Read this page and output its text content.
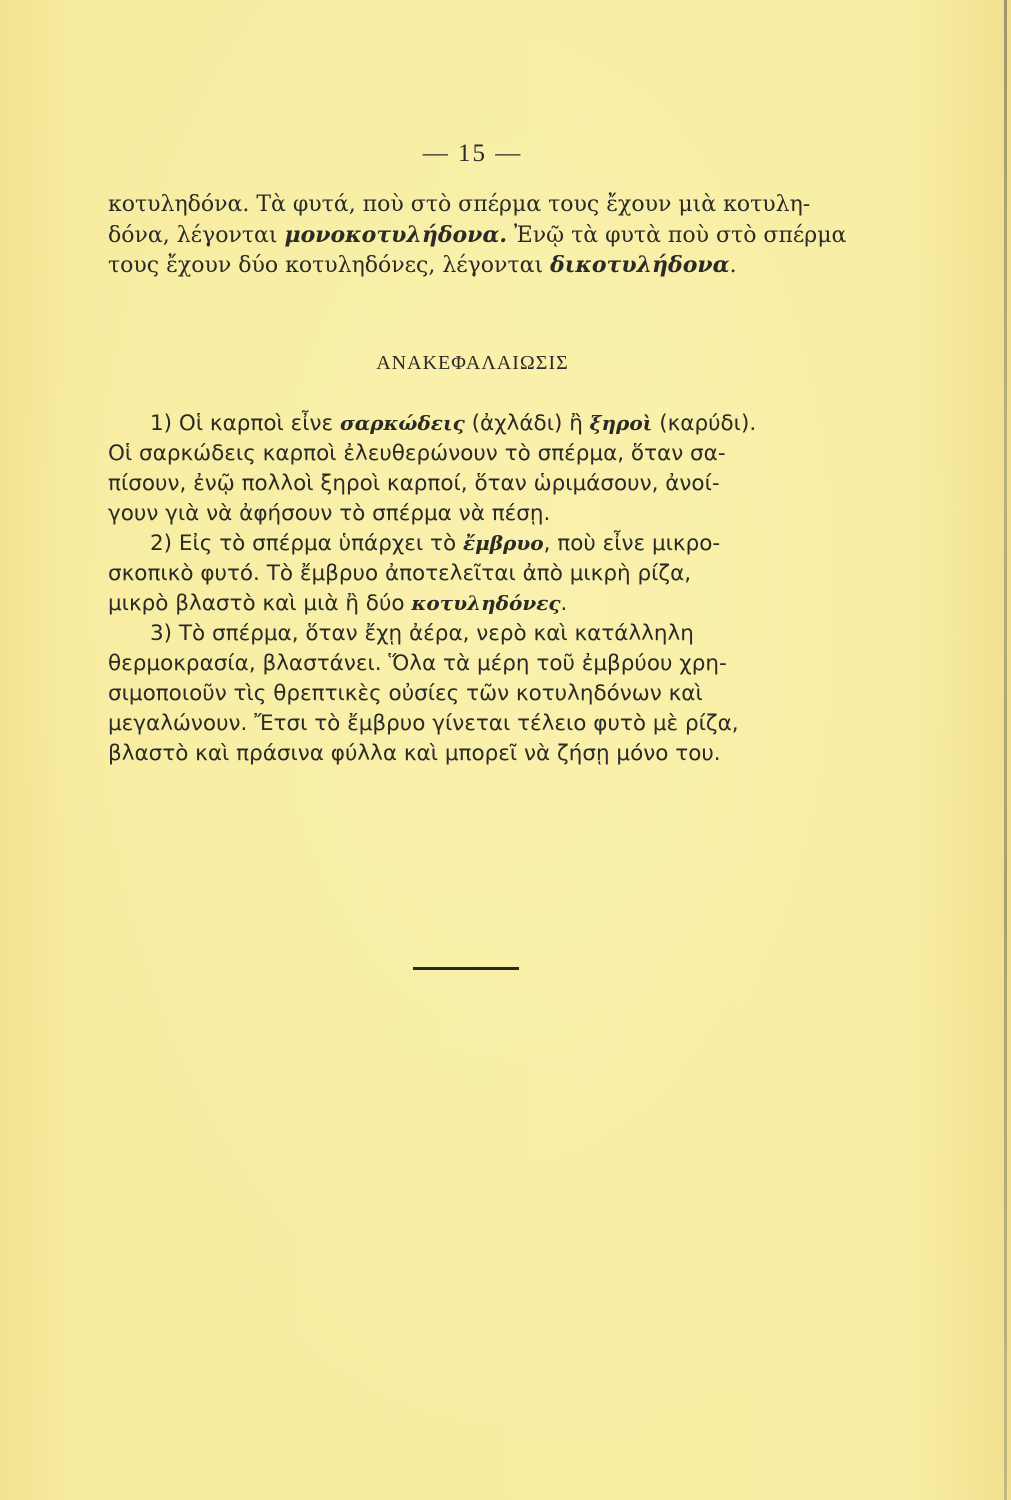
— 15 —
κοτυληδόνα. Τὰ φυτά, ποὺ στὸ σπέρμα τους ἔχουν μιὰ κοτυλη-
δόνα, λέγονται μονοκοτυλήδονα. Ἐνῷ τὰ φυτὰ ποὺ στὸ σπέρμα
τους ἔχουν δύο κοτυληδόνες, λέγονται δικοτυλήδονα.
ΑΝΑΚΕΦΑΛΑΙΩΣΙΣ
1) Οἱ καρποὶ εἶνε σαρκώδεις (ἀχλάδι) ἢ ξηροὶ (καρύδι).
Οἱ σαρκώδεις καρποὶ ἐλευθερώνουν τὸ σπέρμα, ὅταν σα-
πίσουν, ἐνῷ πολλοὶ ξηροὶ καρποί, ὅταν ὡριμάσουν, ἀνοί-
γουν γιὰ νὰ ἀφήσουν τὸ σπέρμα νὰ πέσῃ.
2) Εἰς τὸ σπέρμα ὑπάρχει τὸ ἔμβρυο, ποὺ εἶνε μικρο-
σκοπικὸ φυτό. Τὸ ἔμβρυο ἀποτελεῖται ἀπὸ μικρὴ ρίζα,
μικρὸ βλαστὸ καὶ μιὰ ἢ δύο κοτυληδόνες.
3) Τὸ σπέρμα, ὅταν ἔχῃ ἀέρα, νερὸ καὶ κατάλληλη
θερμοκρασία, βλαστάνει. Ὅλα τὰ μέρη τοῦ ἐμβρύου χρη-
σιμοποιοῦν τὶς θρεπτικὲς οὐσίες τῶν κοτυληδόνων καὶ
μεγαλώνουν. Ἔτσι τὸ ἔμβρυο γίνεται τέλειο φυτὸ μὲ ρίζα,
βλαστὸ καὶ πράσινα φύλλα καὶ μπορεῖ νὰ ζήσῃ μόνο του.
